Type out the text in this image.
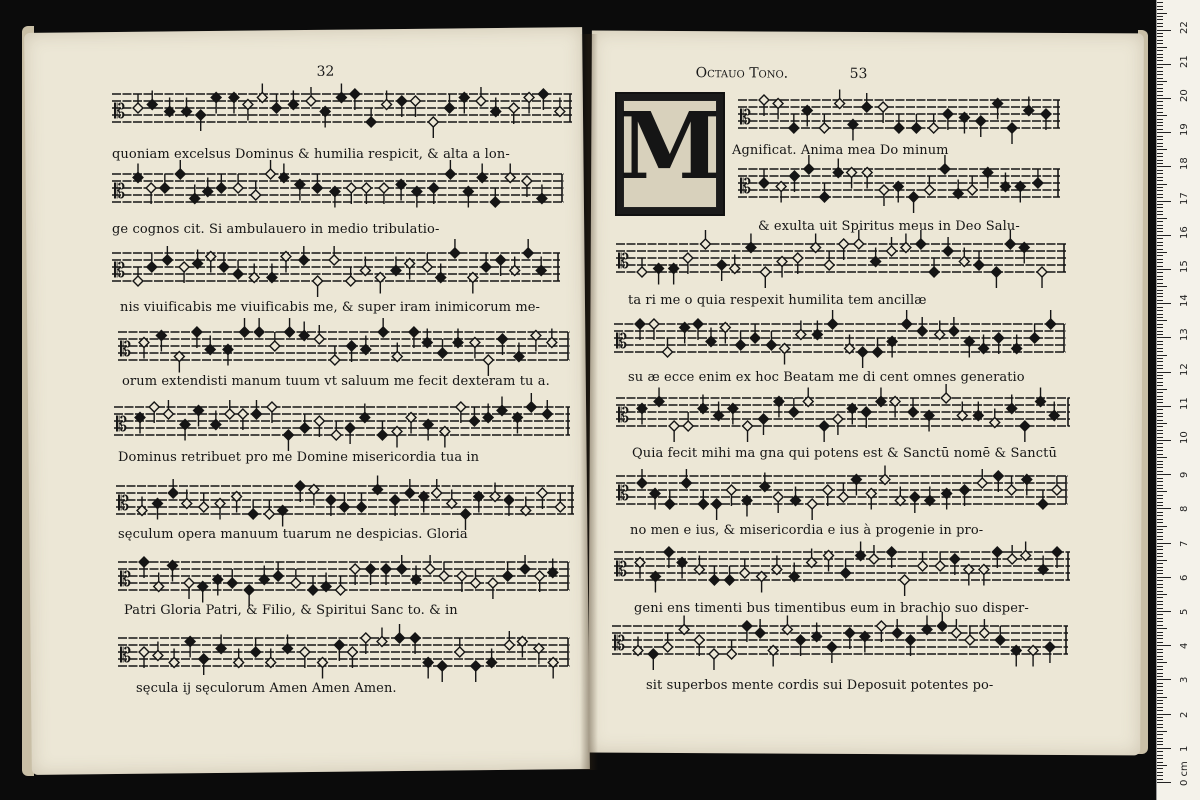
32	Octauo Tono.	53
M
𝄡
quoniam excelsus Dominus & humilia respicit, & alta a lon-
𝄡
ge cognos cit. Si ambulauero in medio tribulatio-
𝄡
nis viuificabis me viuificabis me, & super iram inimicorum me-
𝄡
orum extendisti manum tuum vt saluum me fecit dexteram tu a.
𝄡
Dominus retribuet pro me Domine misericordia tua in
𝄡
sęculum opera manuum tuarum ne despicias. Gloria
𝄡
Patri Gloria Patri, & Filio, & Spiritui Sanc to. & in
𝄡
sęcula ij sęculorum Amen Amen Amen.
𝄡
Agnificat. Anima mea Do minum
𝄡
& exulta uit Spiritus meus in Deo Salu-
𝄡
ta ri me o quia respexit humilita tem ancillæ
𝄡
su æ ecce enim ex hoc Beatam me di cent omnes generatio
𝄡
Quia fecit mihi ma gna qui potens est & Sanctū nomē & Sanctū
𝄡
no men e ius, & misericordia e ius à progenie in pro-
𝄡
geni ens timenti bus timentibus eum in brachio suo disper-
𝄡
sit superbos mente cordis sui Deposuit potentes po-
0 cm
1
2
3
4
5
6
7
8
9
10
11
12
13
14
15
16
17
18
19
20
21
22
